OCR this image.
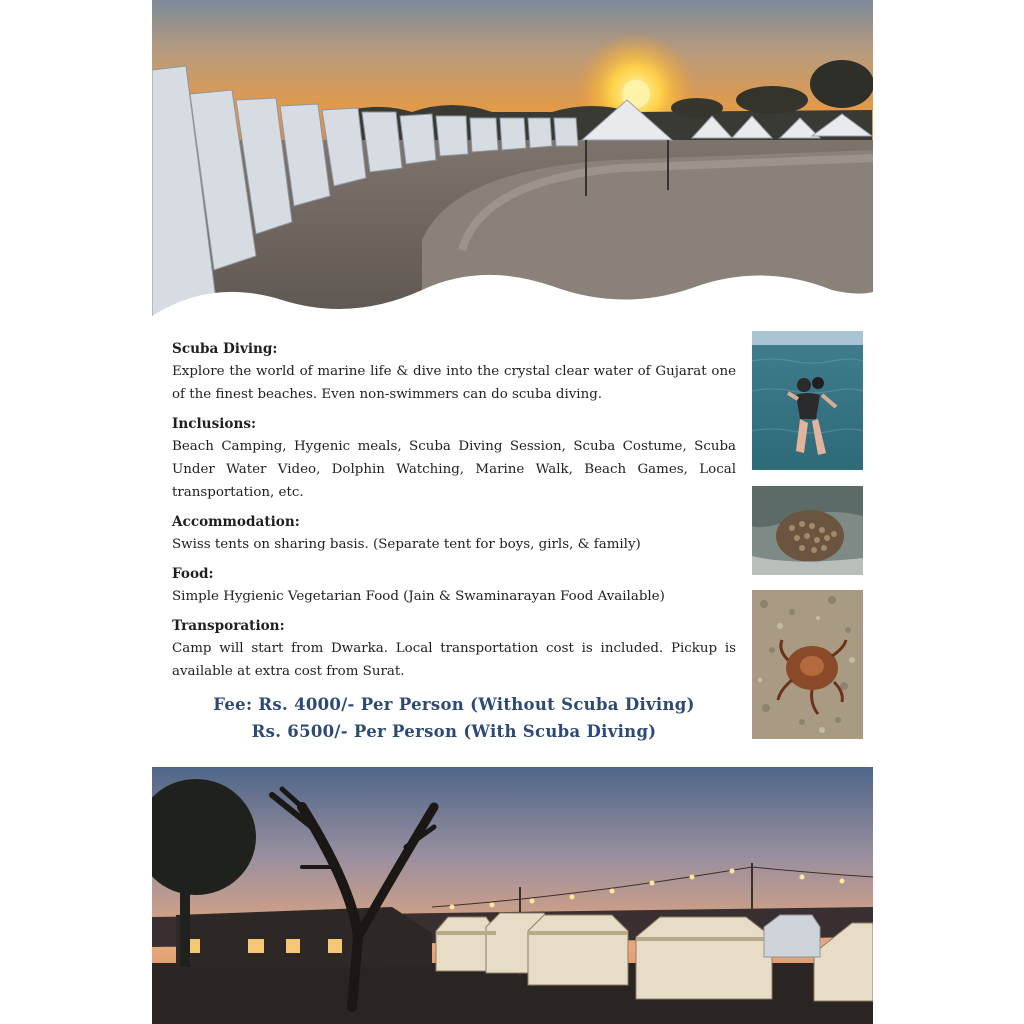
Scuba Diving:

Explore the world of marine life & dive into the crystal clear water of Gujarat one of the finest beaches. Even non-swimmers can do scuba diving.

Inclusions:

Beach Camping, Hygenic meals, Scuba Diving Session, Scuba Costume, Scuba Under Water Video, Dolphin Watching, Marine Walk, Beach Games, Local transportation, etc.

Accommodation:

Swiss tents on sharing basis. (Separate tent for boys, girls, & family)

Food:

Simple Hygienic Vegetarian Food (Jain & Swaminarayan Food Available)

Transporation:

Camp will start from Dwarka. Local transportation cost is included. Pickup is available at extra cost from Surat.

Fee: Rs. 4000/- Per Person (Without Scuba Diving)
Rs. 6500/- Per Person (With Scuba Diving)
